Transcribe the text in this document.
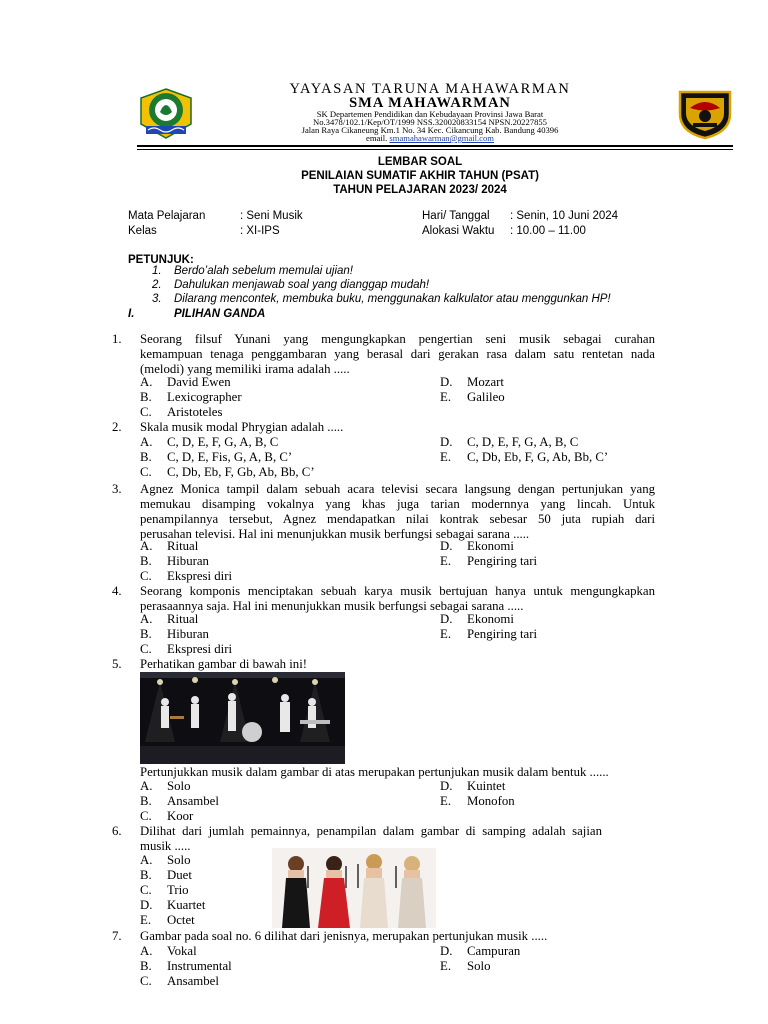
YAYASAN TARUNA MAHAWARMAN
SMA MAHAWARMAN
SK Departemen Pendidikan dan Kebudayaan Provinsi Jawa Barat
No.3478/102.1/Kep/OT/1999 NSS.320020833154 NPSN.20227855
Jalan Raya Cikaneung Km.1 No. 34 Kec. Cikancung Kab. Bandung 40396
email. smamahawarman@gmail.com
LEMBAR SOAL
PENILAIAN SUMATIF AKHIR TAHUN (PSAT)
TAHUN PELAJARAN 2023/ 2024
Mata Pelajaran	: Seni Musik
Kelas	: XI-IPS
Hari/ Tanggal : Senin, 10 Juni 2024
Alokasi Waktu : 10.00 – 11.00
PETUNJUK:
1. Berdo’alah sebelum memulai ujian!
2. Dahulukan menjawab soal yang dianggap mudah!
3. Dilarang mencontek, membuka buku, menggunakan kalkulator atau menggunkan HP!
I.	PILIHAN GANDA
1. Seorang filsuf Yunani yang mengungkapkan pengertian seni musik sebagai curahan
kemampuan tenaga penggambaran yang berasal dari gerakan rasa dalam satu rentetan nada
(melodi) yang memiliki irama adalah .....
A. David Ewen	D. Mozart
B. Lexicographer	E. Galileo
C. Aristoteles
2. Skala musik modal Phrygian adalah .....
A. C, D, E, F, G, A, B, C	D. C, D, E, F, G, A, B, C
B. C, D, E, Fis, G, A, B, C’	E. C, Db, Eb, F, G, Ab, Bb, C’
C. C, Db, Eb, F, Gb, Ab, Bb, C’
3. Agnez Monica tampil dalam sebuah acara televisi secara langsung dengan pertunjukan yang
memukau disamping vokalnya yang khas juga tarian modernnya yang lincah. Untuk
penampilannya tersebut, Agnez mendapatkan nilai kontrak sebesar 50 juta rupiah dari
perusahan televisi. Hal ini menunjukkan musik berfungsi sebagai sarana .....
A. Ritual	D. Ekonomi
B. Hiburan	E. Pengiring tari
C. Ekspresi diri
4. Seorang komponis menciptakan sebuah karya musik bertujuan hanya untuk mengungkapkan
perasaannya saja. Hal ini menunjukkan musik berfungsi sebagai sarana .....
A. Ritual	D. Ekonomi
B. Hiburan	E. Pengiring tari
C. Ekspresi diri
5. Perhatikan gambar di bawah ini!
Pertunjukkan musik dalam gambar di atas merupakan pertunjukan musik dalam bentuk ......
A. Solo	D. Kuintet
B. Ansambel	E. Monofon
C. Koor
6. Dilihat dari jumlah pemainnya, penampilan dalam gambar di samping adalah sajian
musik .....
A. Solo
B. Duet
C. Trio
D. Kuartet
E. Octet
7. Gambar pada soal no. 6 dilihat dari jenisnya, merupakan pertunjukan musik .....
A. Vokal	D. Campuran
B. Instrumental	E. Solo
C. Ansambel
